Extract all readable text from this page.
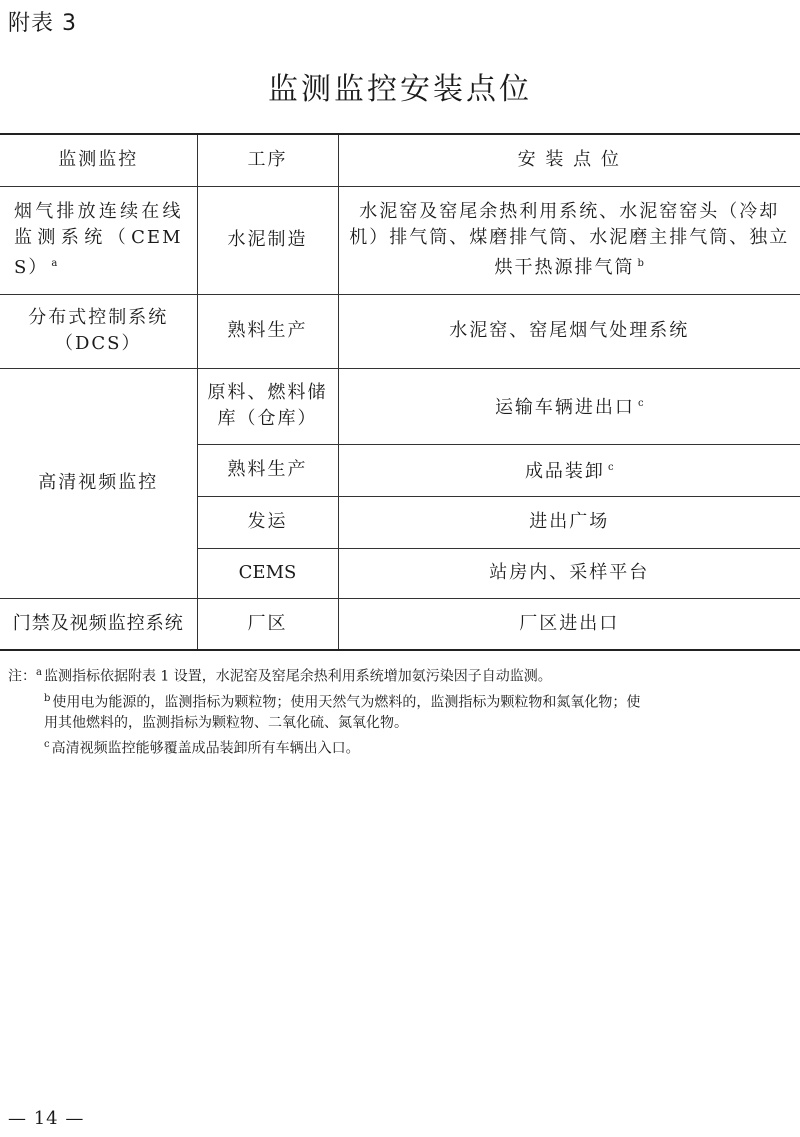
附表 3
监测监控安装点位
监测监控	工序	安 装 点 位
烟气排放连续在线监测系统（CEMS） $^a$	水泥制造	水泥窑及窑尾余热利用系统、水泥窑窑头（冷却机）排气筒、煤磨排气筒、水泥磨主排气筒、独立烘干热源排气筒 $^b$
分布式控制系统（DCS）	熟料生产	水泥窑、窑尾烟气处理系统
高清视频监控	原料、燃料储库（仓库）	运输车辆进出口 $^c$
	熟料生产	成品装卸 $^c$
	发运	进出广场
	CEMS	站房内、采样平台
门禁及视频监控系统	厂区	厂区进出口
注：$^a$ 监测指标依据附表 1 设置，水泥窑及窑尾余热利用系统增加氨污染因子自动监测。
$^b$ 使用电为能源的，监测指标为颗粒物；使用天然气为燃料的，监测指标为颗粒物和氮氧化物；使
用其他燃料的，监测指标为颗粒物、二氧化硫、氮氧化物。
$^c$ 高清视频监控能够覆盖成品装卸所有车辆出入口。
— 14 —
